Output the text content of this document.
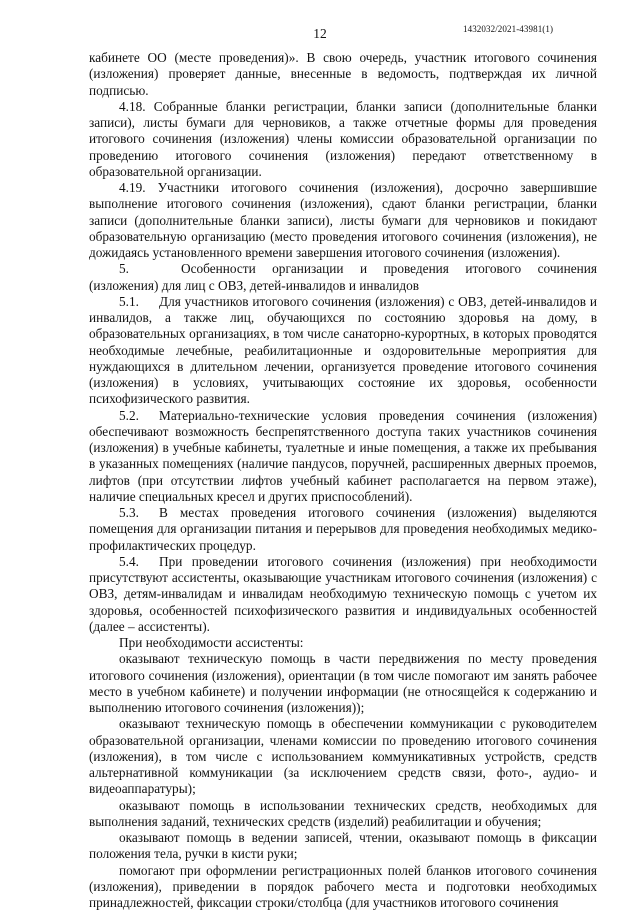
12	1432032/2021-43981(1)

кабинете ОО (месте проведения)». В свою очередь, участник итогового сочинения (изложения) проверяет данные, внесенные в ведомость, подтверждая их личной подписью.

4.18. Собранные бланки регистрации, бланки записи (дополнительные бланки записи), листы бумаги для черновиков, а также отчетные формы для проведения итогового сочинения (изложения) члены комиссии образовательной организации по проведению итогового сочинения (изложения) передают ответственному в образовательной организации.

4.19. Участники итогового сочинения (изложения), досрочно завершившие выполнение итогового сочинения (изложения), сдают бланки регистрации, бланки записи (дополнительные бланки записи), листы бумаги для черновиков и покидают образовательную организацию (место проведения итогового сочинения (изложения), не дожидаясь установленного времени завершения итогового сочинения (изложения).

5.	Особенности организации и проведения итогового сочинения (изложения) для лиц с ОВЗ, детей-инвалидов и инвалидов

5.1. Для участников итогового сочинения (изложения) с ОВЗ, детей-инвалидов и инвалидов, а также лиц, обучающихся по состоянию здоровья на дому, в образовательных организациях, в том числе санаторно-курортных, в которых проводятся необходимые лечебные, реабилитационные и оздоровительные мероприятия для нуждающихся в длительном лечении, организуется проведение итогового сочинения (изложения) в условиях, учитывающих состояние их здоровья, особенности психофизического развития.

5.2. Материально-технические условия проведения сочинения (изложения) обеспечивают возможность беспрепятственного доступа таких участников сочинения (изложения) в учебные кабинеты, туалетные и иные помещения, а также их пребывания в указанных помещениях (наличие пандусов, поручней, расширенных дверных проемов, лифтов (при отсутствии лифтов учебный кабинет располагается на первом этаже), наличие специальных кресел и других приспособлений).

5.3. В местах проведения итогового сочинения (изложения) выделяются помещения для организации питания и перерывов для проведения необходимых медико-профилактических процедур.

5.4. При проведении итогового сочинения (изложения) при необходимости присутствуют ассистенты, оказывающие участникам итогового сочинения (изложения) с ОВЗ, детям-инвалидам и инвалидам необходимую техническую помощь с учетом их здоровья, особенностей психофизического развития и индивидуальных особенностей (далее – ассистенты).

При необходимости ассистенты:

оказывают техническую помощь в части передвижения по месту проведения итогового сочинения (изложения), ориентации (в том числе помогают им занять рабочее место в учебном кабинете) и получении информации (не относящейся к содержанию и выполнению итогового сочинения (изложения));

оказывают техническую помощь в обеспечении коммуникации с руководителем образовательной организации, членами комиссии по проведению итогового сочинения (изложения), в том числе с использованием коммуникативных устройств, средств альтернативной коммуникации (за исключением средств связи, фото-, аудио- и видеоаппаратуры);

оказывают помощь в использовании технических средств, необходимых для выполнения заданий, технических средств (изделий) реабилитации и обучения;

оказывают помощь в ведении записей, чтении, оказывают помощь в фиксации положения тела, ручки в кисти руки;

помогают при оформлении регистрационных полей бланков итогового сочинения (изложения), приведении в порядок рабочего места и подготовки необходимых принадлежностей, фиксации строки/столбца (для участников итогового сочинения
